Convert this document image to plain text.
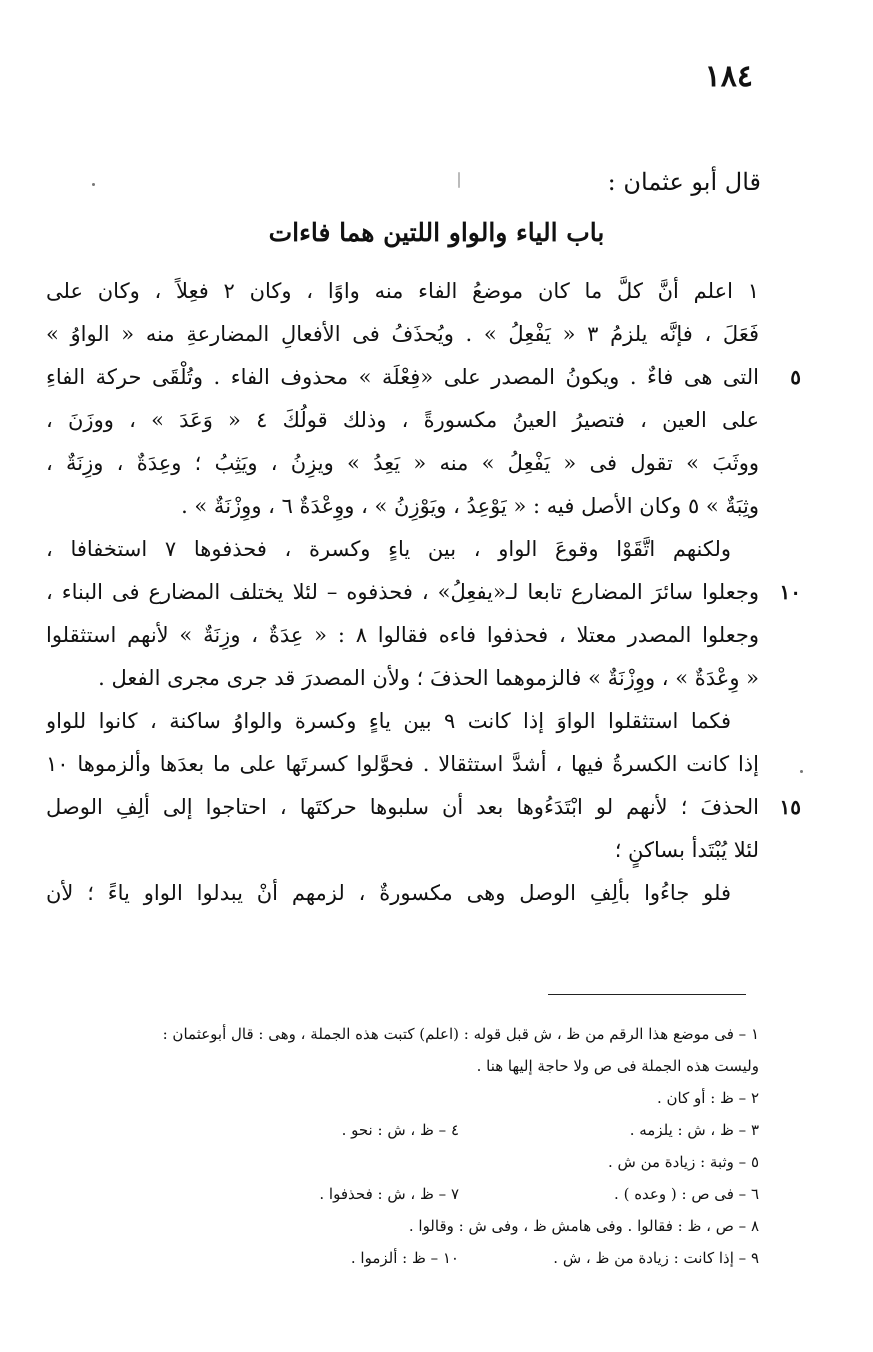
١٨٤
قال أبو عثمان :
باب الياء والواو اللتين هما فاءات
١ اعلم أنَّ كلَّ ما كان موضعُ الفاء منه واوًا ، وكان ٢ فعِلاً ، وكان على
فَعَلَ ، فإنَّه يلزمُ ٣ « يَفْعِلُ » . ويُحذَفُ فى الأفعالِ المضارعةِ منه « الواوُ »
التى هى فاءٌ . ويكونُ المصدر على «فِعْلَة » محذوف الفاء . وتُلْقَى حركة الفاءِ
على العين ، فتصيرُ العينُ مكسورةً ، وذلك قولُكَ ٤ « وَعَدَ » ، ووزَنَ ،
ووثَبَ » تقول فى « يَفْعِلُ » منه « يَعِدُ » ويزِنُ ، ويَثِبُ ؛ وعِدَةٌ ، وزِنَةٌ ،
وثِبَةٌ » ٥ وكان الأصل فيه : « يَوْعِدُ ، ويَوْزِنُ » ، ووِعْدَةٌ ٦ ، ووِزْنَةٌ » .
ولكنهم اتَّقَوْا وقوعَ الواو ، بين ياءٍ وكسرة ، فحذفوها ٧ استخفافا ،
وجعلوا سائرَ المضارع تابعا لـ«يفعِلُ» ، فحذفوه – لئلا يختلف المضارع فى البناء ،
وجعلوا المصدر معتلا ، فحذفوا فاءه فقالوا ٨ : « عِدَةٌ ، وزِنَةٌ » لأنهم استثقلوا
« وِعْدَةٌ » ، ووِزْنَةٌ » فالزموهما الحذفَ ؛ ولأن المصدرَ قد جرى مجرى الفعل .
فكما استثقلوا الواوَ إذا كانت ٩ بين ياءٍ وكسرة والواوُ ساكنة ، كانوا للواو
إذا كانت الكسرةُ فيها ، أشدَّ استثقالا . فحوَّلوا كسرتَها على ما بعدَها وألزموها ١٠
الحذفَ ؛ لأنهم لو ابْتَدَءُوها بعد أن سلبوها حركتَها ، احتاجوا إلى ألِفِ الوصل
لئلا يُبْتَدأ بساكنٍ ؛
فلو جاءُوا بألِفِ الوصل وهى مكسورةٌ ، لزمهم أنْ يبدلوا الواو ياءً ؛ لأن
٥
١٠
١٥
١ – فى موضع هذا الرقم من ظ ، ش قبل قوله : (اعلم) كتبت هذه الجملة ، وهى : قال أبوعثمان :
وليست هذه الجملة فى ص ولا حاجة إليها هنا .
٢ – ظ : أو كان .
٣ – ظ ، ش : يلزمه .
٤ – ظ ، ش : نحو .
٥ – وثبة : زيادة من ش .
٦ – فى ص : ( وعده ) .
٧ – ظ ، ش : فحذفوا .
٨ – ص ، ظ : فقالوا . وفى هامش ظ ، وفى ش : وقالوا .
٩ – إذا كانت : زيادة من ظ ، ش .
١٠ – ظ : ألزموا .
